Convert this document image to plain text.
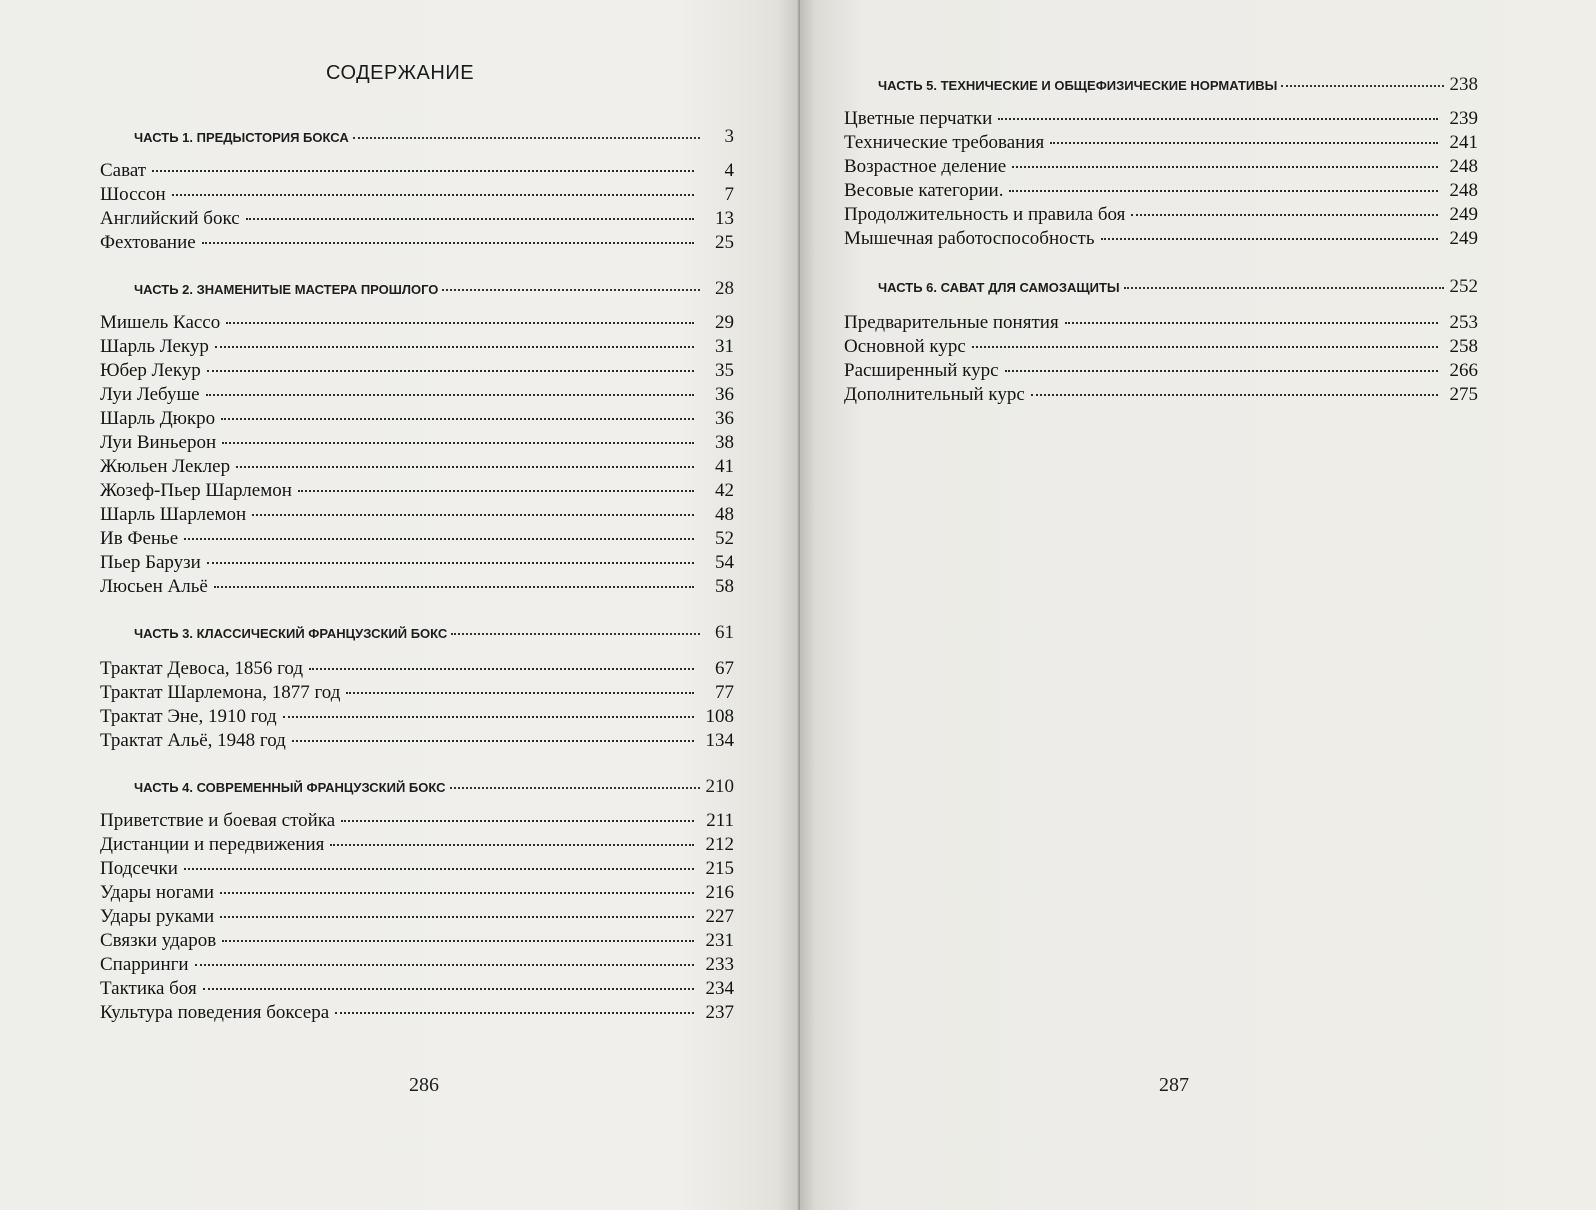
СОДЕРЖАНИЕ
ЧАСТЬ 1. ПРЕДЫСТОРИЯ БОКСА	3
Сават	4
Шоссон	7
Английский бокс	13
Фехтование	25
ЧАСТЬ 2. ЗНАМЕНИТЫЕ МАСТЕРА ПРОШЛОГО	28
Мишель Кассо	29
Шарль Лекур	31
Юбер Лекур	35
Луи Лебуше	36
Шарль Дюкро	36
Луи Виньерон	38
Жюльен Леклер	41
Жозеф-Пьер Шарлемон	42
Шарль Шарлемон	48
Ив Фенье	52
Пьер Барузи	54
Люсьен Альё	58
ЧАСТЬ 3. КЛАССИЧЕСКИЙ ФРАНЦУЗСКИЙ БОКС	61
Трактат Девоса, 1856 год	67
Трактат Шарлемона, 1877 год	77
Трактат Эне, 1910 год	108
Трактат Альё, 1948 год	134
ЧАСТЬ 4. СОВРЕМЕННЫЙ ФРАНЦУЗСКИЙ БОКС	210
Приветствие и боевая стойка	211
Дистанции и передвижения	212
Подсечки	215
Удары ногами	216
Удары руками	227
Связки ударов	231
Спарринги	233
Тактика боя	234
Культура поведения боксера	237
286
ЧАСТЬ 5. ТЕХНИЧЕСКИЕ И ОБЩЕФИЗИЧЕСКИЕ НОРМАТИВЫ	238
Цветные перчатки	239
Технические требования	241
Возрастное деление	248
Весовые категории.	248
Продолжительность и правила боя	249
Мышечная работоспособность	249
ЧАСТЬ 6. САВАТ ДЛЯ САМОЗАЩИТЫ	252
Предварительные понятия	253
Основной курс	258
Расширенный курс	266
Дополнительный курс	275
287
